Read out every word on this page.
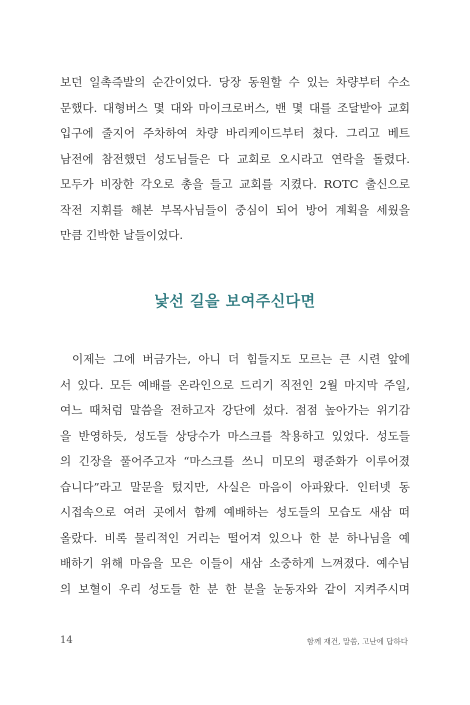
보던 일촉즉발의 순간이었다. 당장 동원할 수 있는 차량부터 수소
문했다. 대형버스 몇 대와 마이크로버스, 밴 몇 대를 조달받아 교회
입구에 줄지어 주차하여 차량 바리케이드부터 쳤다. 그리고 베트
남전에 참전했던 성도님들은 다 교회로 오시라고 연락을 돌렸다.
모두가 비장한 각오로 총을 들고 교회를 지켰다. ROTC 출신으로
작전 지휘를 해본 부목사님들이 중심이 되어 방어 계획을 세웠을
만큼 긴박한 날들이었다.
낯선 길을 보여주신다면
이제는 그에 버금가는, 아니 더 힘들지도 모르는 큰 시련 앞에
서 있다. 모든 예배를 온라인으로 드리기 직전인 2월 마지막 주일,
여느 때처럼 말씀을 전하고자 강단에 섰다. 점점 높아가는 위기감
을 반영하듯, 성도들 상당수가 마스크를 착용하고 있었다. 성도들
의 긴장을 풀어주고자 “마스크를 쓰니 미모의 평준화가 이루어졌
습니다”라고 말문을 텄지만, 사실은 마음이 아파왔다. 인터넷 동
시접속으로 여러 곳에서 함께 예배하는 성도들의 모습도 새삼 떠
올랐다. 비록 물리적인 거리는 떨어져 있으나 한 분 하나님을 예
배하기 위해 마음을 모은 이들이 새삼 소중하게 느껴졌다. 예수님
의 보혈이 우리 성도들 한 분 한 분을 눈동자와 같이 지켜주시며
14	함께 재건, 말씀, 고난에 답하다
